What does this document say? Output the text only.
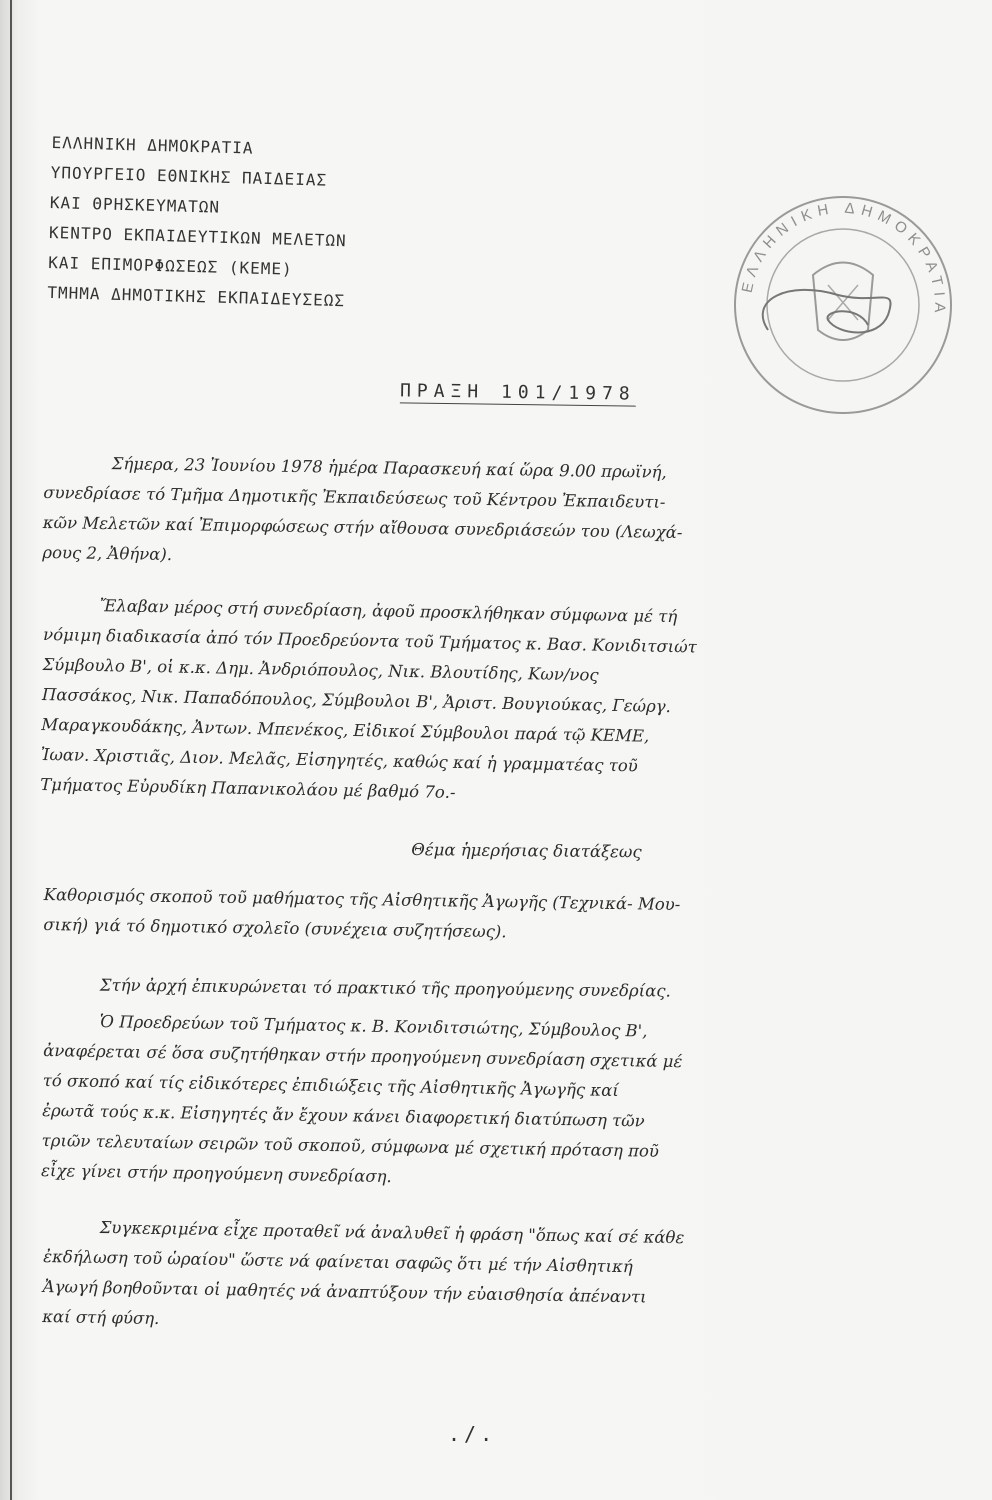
ΕΛΛΗΝΙΚΗ ΔΗΜΟΚΡΑΤΙΑ
ΥΠΟΥΡΓΕΙΟ ΕΘΝΙΚΗΣ ΠΑΙΔΕΙΑΣ
ΚΑΙ ΘΡΗΣΚΕΥΜΑΤΩΝ
ΚΕΝΤΡΟ ΕΚΠΑΙΔΕΥΤΙΚΩΝ ΜΕΛΕΤΩΝ
ΚΑΙ ΕΠΙΜΟΡΦΩΣΕΩΣ (ΚΕΜΕ)
ΤΜΗΜΑ ΔΗΜΟΤΙΚΗΣ ΕΚΠΑΙΔΕΥΣΕΩΣ	ΕΛΛΗΝΙΚΗ ΔΗΜΟΚΡΑΤΙΑ
ΠΡΑΞΗ 101/1978
Σήμερα, 23 Ἰουνίου 1978 ἡμέρα Παρασκευή καί ὥρα 9.00 πρωϊνή,
συνεδρίασε τό Τμῆμα Δημοτικῆς Ἐκπαιδεύσεως τοῦ Κέντρου Ἐκπαιδευτι-
κῶν Μελετῶν καί Ἐπιμορφώσεως στήν αἴθουσα συνεδριάσεών του (Λεωχά-
ρους 2, Ἀθήνα).
Ἔλαβαν μέρος στή συνεδρίαση, ἀφοῦ προσκλήθηκαν σύμφωνα μέ τή
νόμιμη διαδικασία ἀπό τόν Προεδρεύοντα τοῦ Τμήματος κ. Βασ. Κονιδιτσιώτ
Σύμβουλο Β', οἱ κ.κ. Δημ. Ἀνδριόπουλος, Νικ. Βλουτίδης, Κων/νος
Πασσάκος, Νικ. Παπαδόπουλος, Σύμβουλοι Β', Ἀριστ. Βουγιούκας, Γεώργ.
Μαραγκουδάκης, Ἀντων. Μπενέκος, Εἰδικοί Σύμβουλοι παρά τῷ ΚΕΜΕ,
Ἰωαν. Χριστιᾶς, Διον. Μελᾶς, Εἰσηγητές, καθώς καί ἡ γραμματέας τοῦ
Τμήματος Εὐρυδίκη Παπανικολάου μέ βαθμό 7ο.-
Θέμα ἡμερήσιας διατάξεως
Καθορισμός σκοποῦ τοῦ μαθήματος τῆς Αἰσθητικῆς Ἀγωγῆς (Τεχνικά- Μου-
σική) γιά τό δημοτικό σχολεῖο (συνέχεια συζητήσεως).
Στήν ἀρχή ἐπικυρώνεται τό πρακτικό τῆς προηγούμενης συνεδρίας.
Ὁ Προεδρεύων τοῦ Τμήματος κ. Β. Κονιδιτσιώτης, Σύμβουλος Β',
ἀναφέρεται σέ ὅσα συζητήθηκαν στήν προηγούμενη συνεδρίαση σχετικά μέ
τό σκοπό καί τίς εἰδικότερες ἐπιδιώξεις τῆς Αἰσθητικῆς Ἀγωγῆς καί
ἐρωτᾶ τούς κ.κ. Εἰσηγητές ἄν ἔχουν κάνει διαφορετική διατύπωση τῶν
τριῶν τελευταίων σειρῶν τοῦ σκοποῦ, σύμφωνα μέ σχετική πρόταση ποῦ
εἶχε γίνει στήν προηγούμενη συνεδρίαση.
Συγκεκριμένα εἶχε προταθεῖ νά ἀναλυθεῖ ἡ φράση "ὅπως καί σέ κάθε
ἐκδήλωση τοῦ ὡραίου" ὥστε νά φαίνεται σαφῶς ὅτι μέ τήν Αἰσθητική
Ἀγωγή βοηθοῦνται οἱ μαθητές νά ἀναπτύξουν τήν εὐαισθησία ἀπέναντι
καί στή φύση.
./.
